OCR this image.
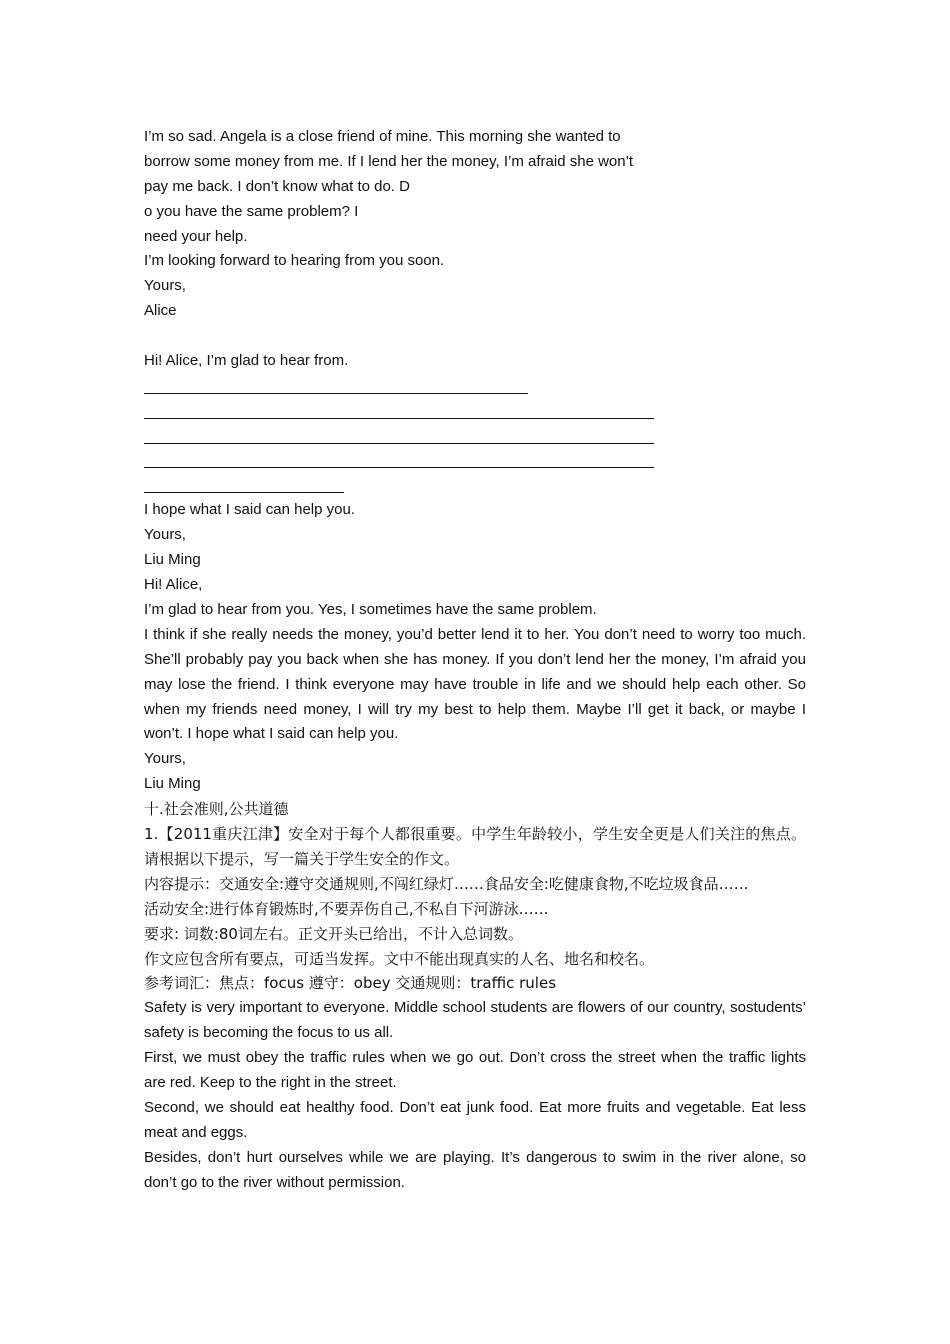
I’m so sad. Angela is a close friend of mine. This morning she wanted to
borrow some money from me. If I lend her the money, I’m afraid she won’t
pay me back. I don’t know what to do. D
o you have the same problem? I
need your help.
I’m looking forward to hearing from you soon.
Yours,
Alice
Hi! Alice, I’m glad to hear from.
I hope what I said can help you.
Yours,
Liu Ming
Hi! Alice,
I’m glad to hear from you. Yes, I sometimes have the same problem.
I think if she really needs the money, you’d better lend it to her. You don’t need to worry too much. She’ll probably pay you back when she has money. If you don’t lend her the money, I’m afraid you may lose the friend. I think everyone may have trouble in life and we should help each other. So when my friends need money, I will try my best to help them. Maybe I’ll get it back, or maybe I won’t. I hope what I said can help you.
Yours,
Liu Ming
十.社会准则,公共道德
1.【2011重庆江津】安全对于每个人都很重要。中学生年龄较小，学生安全更是人们关注的焦点。请根据以下提示，写一篇关于学生安全的作文。
内容提示：交通安全:遵守交通规则,不闯红绿灯……食品安全:吃健康食物,不吃垃圾食品……
活动安全:进行体育锻炼时,不要弄伤自己,不私自下河游泳……
要求: 词数:80词左右。正文开头已给出，不计入总词数。
作文应包含所有要点，可适当发挥。文中不能出现真实的人名、地名和校名。
参考词汇：焦点：focus 遵守：obey 交通规则：traffic rules
Safety is very important to everyone. Middle school students are flowers of our country, sostudents’ safety is becoming the focus to us all.
First, we must obey the traffic rules when we go out. Don’t cross the street when the traffic lights are red. Keep to the right in the street.
Second, we should eat healthy food. Don’t eat junk food. Eat more fruits and vegetable. Eat less meat and eggs.
Besides, don’t hurt ourselves while we are playing. It’s dangerous to swim in the river alone, so don’t go to the river without permission.
